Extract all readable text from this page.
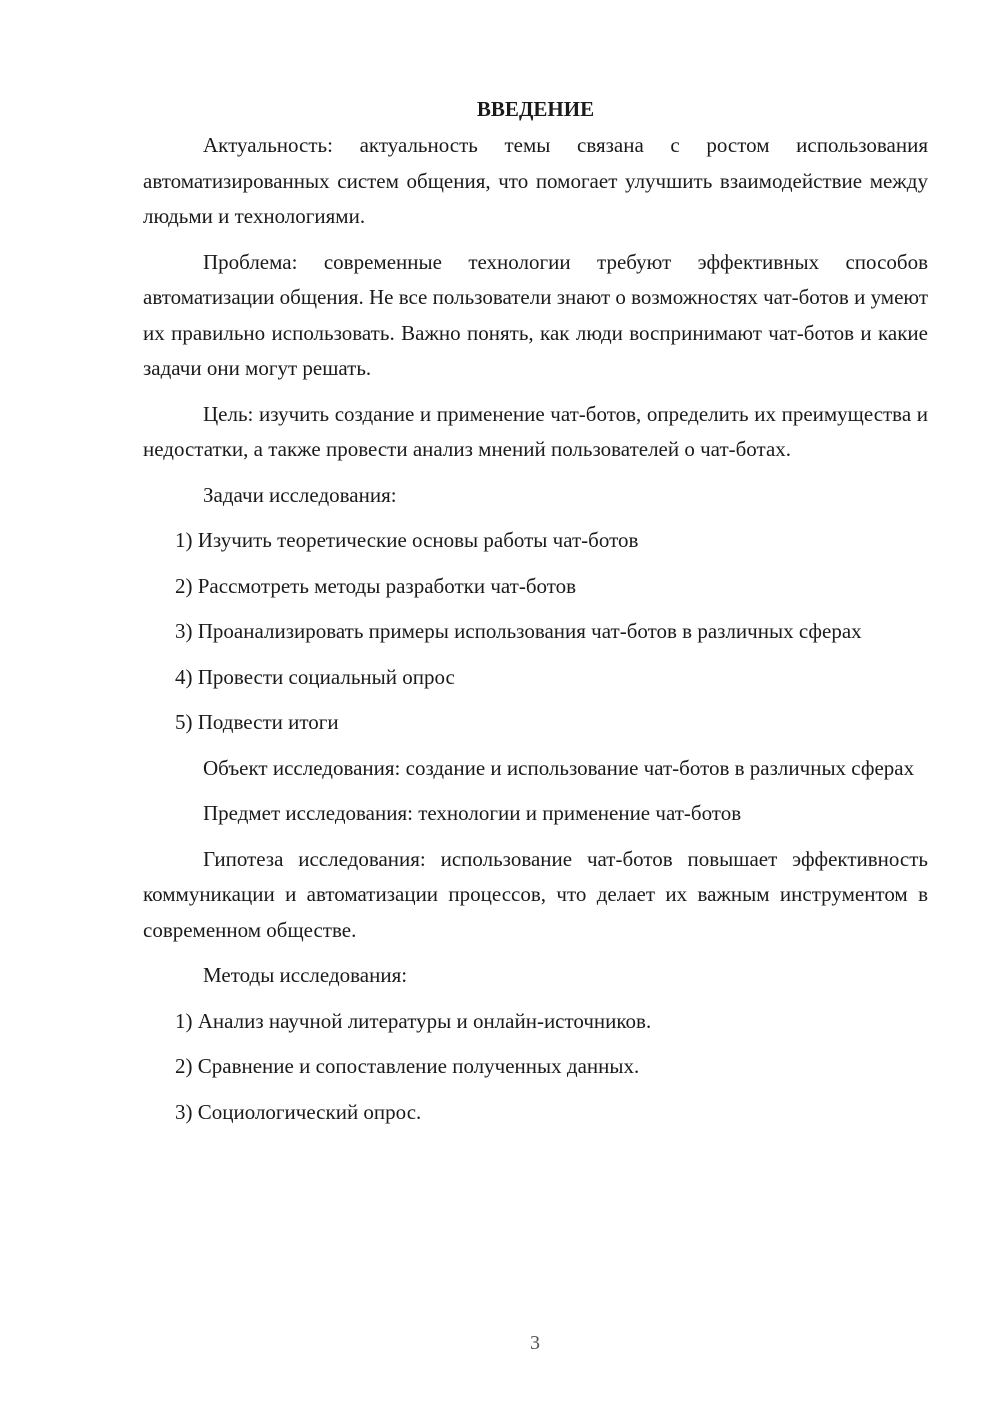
ВВЕДЕНИЕ

Актуальность: актуальность темы связана с ростом использования автоматизированных систем общения, что помогает улучшить взаимодействие между людьми и технологиями.

Проблема: современные технологии требуют эффективных способов автоматизации общения. Не все пользователи знают о возможностях чат-ботов и умеют их правильно использовать. Важно понять, как люди воспринимают чат-ботов и какие задачи они могут решать.

Цель: изучить создание и применение чат-ботов, определить их преимущества и недостатки, а также провести анализ мнений пользователей о чат-ботах.

Задачи исследования:

1) Изучить теоретические основы работы чат-ботов

2) Рассмотреть методы разработки чат-ботов

3) Проанализировать примеры использования чат-ботов в различных сферах

4) Провести социальный опрос

5) Подвести итоги

Объект исследования: создание и использование чат-ботов в различных сферах

Предмет исследования: технологии и применение чат-ботов

Гипотеза исследования: использование чат-ботов повышает эффективность коммуникации и автоматизации процессов, что делает их важным инструментом в современном обществе.

Методы исследования:

1) Анализ научной литературы и онлайн-источников.

2) Сравнение и сопоставление полученных данных.

3) Социологический опрос.

3
